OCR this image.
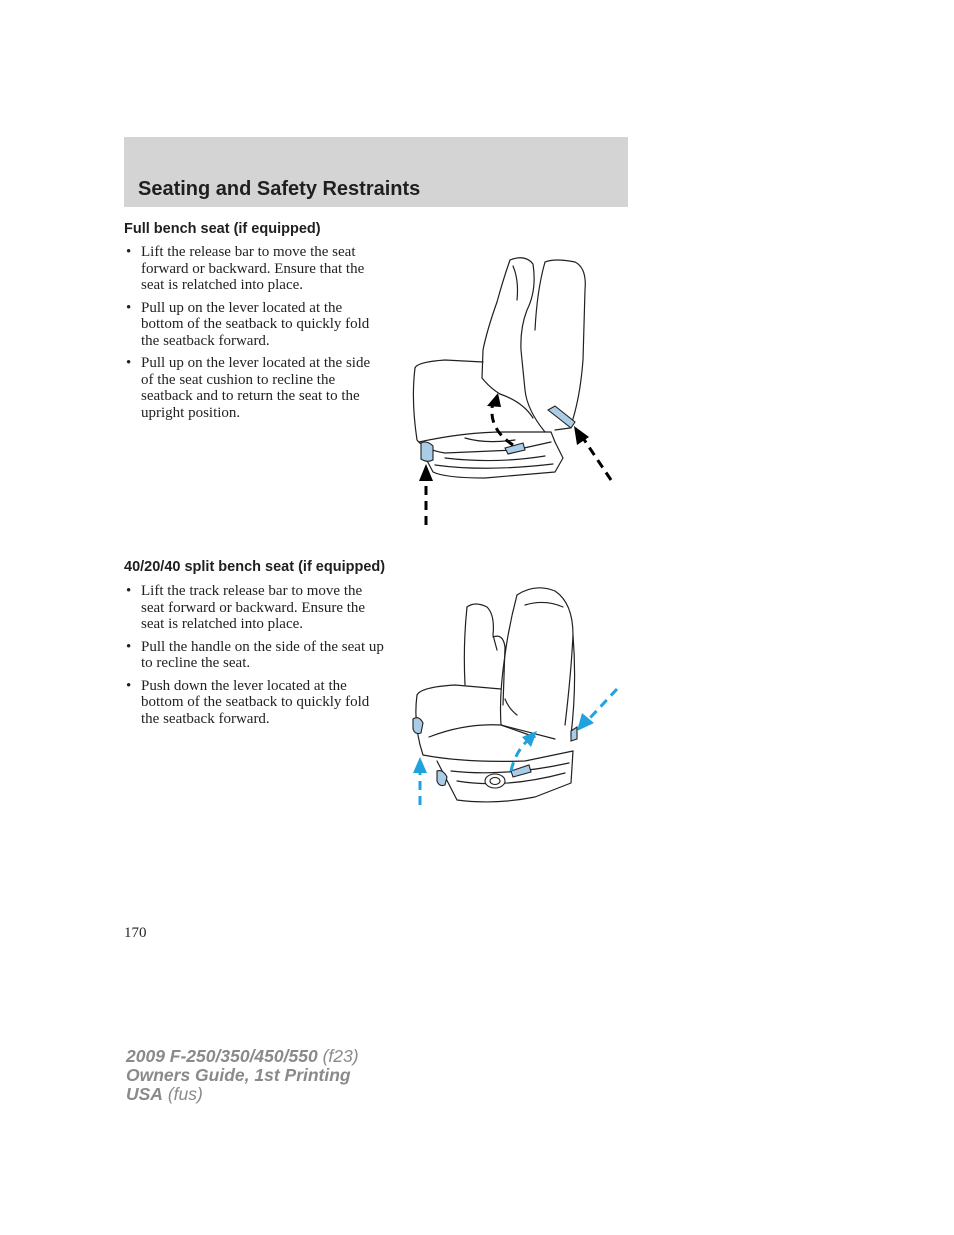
Seating and Safety Restraints
Full bench seat (if equipped)
• Lift the release bar to move the seat forward or backward. Ensure that the seat is relatched into place.
• Pull up on the lever located at the bottom of the seatback to quickly fold the seatback forward.
• Pull up on the lever located at the side of the seat cushion to recline the seatback and to return the seat to the upright position.
40/20/40 split bench seat (if equipped)
• Lift the track release bar to move the seat forward or backward. Ensure the seat is relatched into place.
• Pull the handle on the side of the seat up to recline the seat.
• Push down the lever located at the bottom of the seatback to quickly fold the seatback forward.
170
2009 F-250/350/450/550 (f23)
Owners Guide, 1st Printing
USA (fus)
